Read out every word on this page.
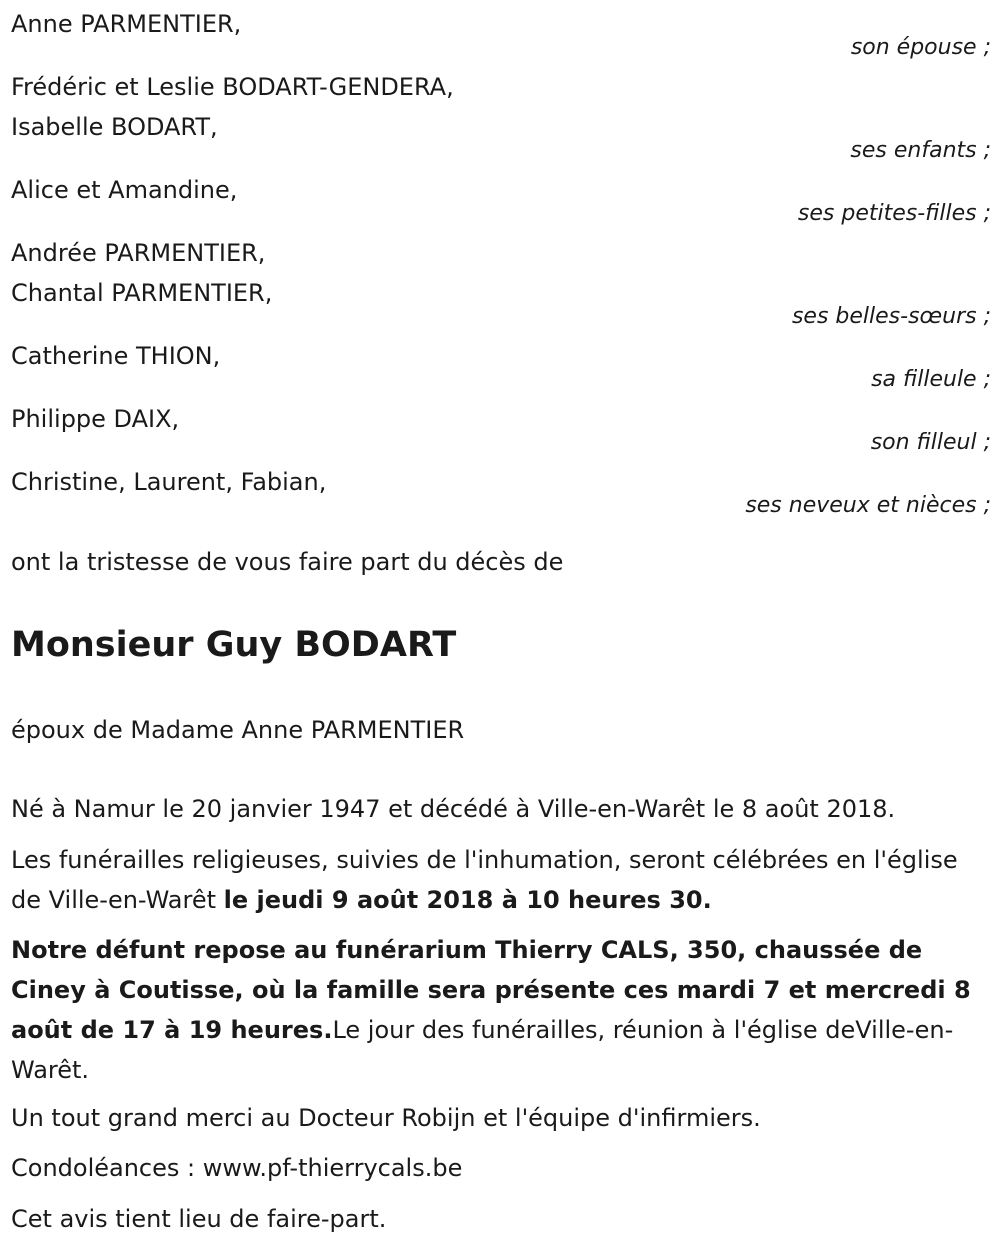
Anne PARMENTIER,
son épouse ;
Frédéric et Leslie BODART-GENDERA,
Isabelle BODART,
ses enfants ;
Alice et Amandine,
ses petites-filles ;
Andrée PARMENTIER,
Chantal PARMENTIER,
ses belles-sœurs ;
Catherine THION,
sa filleule ;
Philippe DAIX,
son filleul ;
Christine, Laurent, Fabian,
ses neveux et nièces ;
ont la tristesse de vous faire part du décès de
Monsieur Guy BODART
époux de Madame Anne PARMENTIER
Né à Namur le 20 janvier 1947 et décédé à Ville-en-Warêt le 8 août 2018.
Les funérailles religieuses, suivies de l'inhumation, seront célébrées en l'église de Ville-en-Warêt le jeudi 9 août 2018 à 10 heures 30.
Notre défunt repose au funérarium Thierry CALS, 350, chaussée de Ciney à Coutisse, où la famille sera présente ces mardi 7 et mercredi 8 août de 17 à 19 heures.Le jour des funérailles, réunion à l'église deVille-en-Warêt.
Un tout grand merci au Docteur Robijn et l'équipe d'infirmiers.
Condoléances : www.pf-thierrycals.be
Cet avis tient lieu de faire-part.
